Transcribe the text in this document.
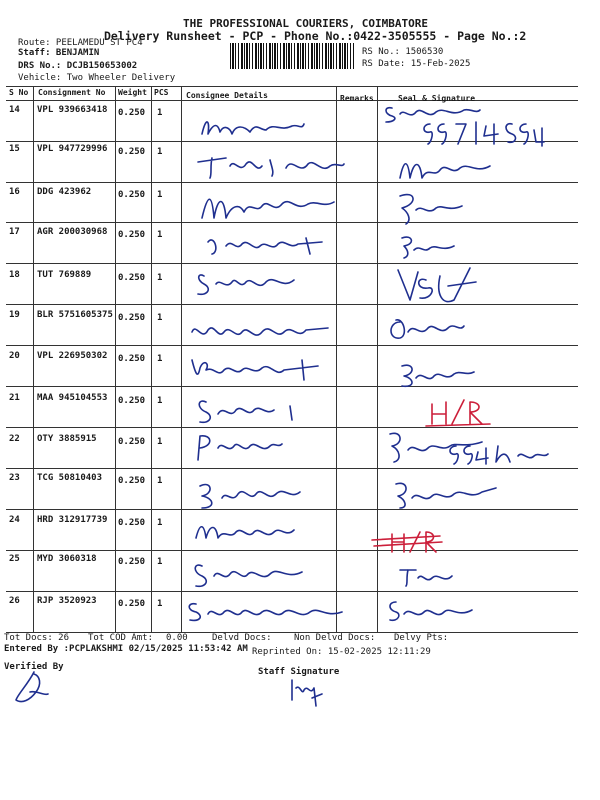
THE PROFESSIONAL COURIERS, COIMBATORE
Delivery Runsheet - PCP - Phone No.:0422-3505555 - Page No.:2
Route: PEELAMEDU ST PC4
Staff: BENJAMIN
DRS No.: DCJB150653002
Vehicle: Two Wheeler Delivery
RS No.: 1506530
RS Date: 15-Feb-2025
S No Consignment No Weight PCS Consignee Details	Remarks	Seal & Signature
14 VPL 939663418 0.250 1
15 VPL 947729996 0.250 1
16 DDG 423962	0.250 1
17 AGR 200030968 0.250 1
18 TUT 769889	0.250 1
19 BLR 5751605375 0.250 1
20 VPL 226950302 0.250 1
21 MAA 945104553 0.250 1
22 OTY 3885915 0.250 1
23 TCG 50810403 0.250 1
24 HRD 312917739 0.250 1
25 MYD 3060318 0.250 1
26 RJP 3520923 0.250 1
Tot Docs: 26 Tot COD Amt: 0.00	Delvd Docs: Non Delvd Docs: Delvy Pts:
Entered By :PCPLAKSHMI 02/15/2025 11:53:42 AM Reprinted On: 15-02-2025 12:11:29
Verified By	Staff Signature
